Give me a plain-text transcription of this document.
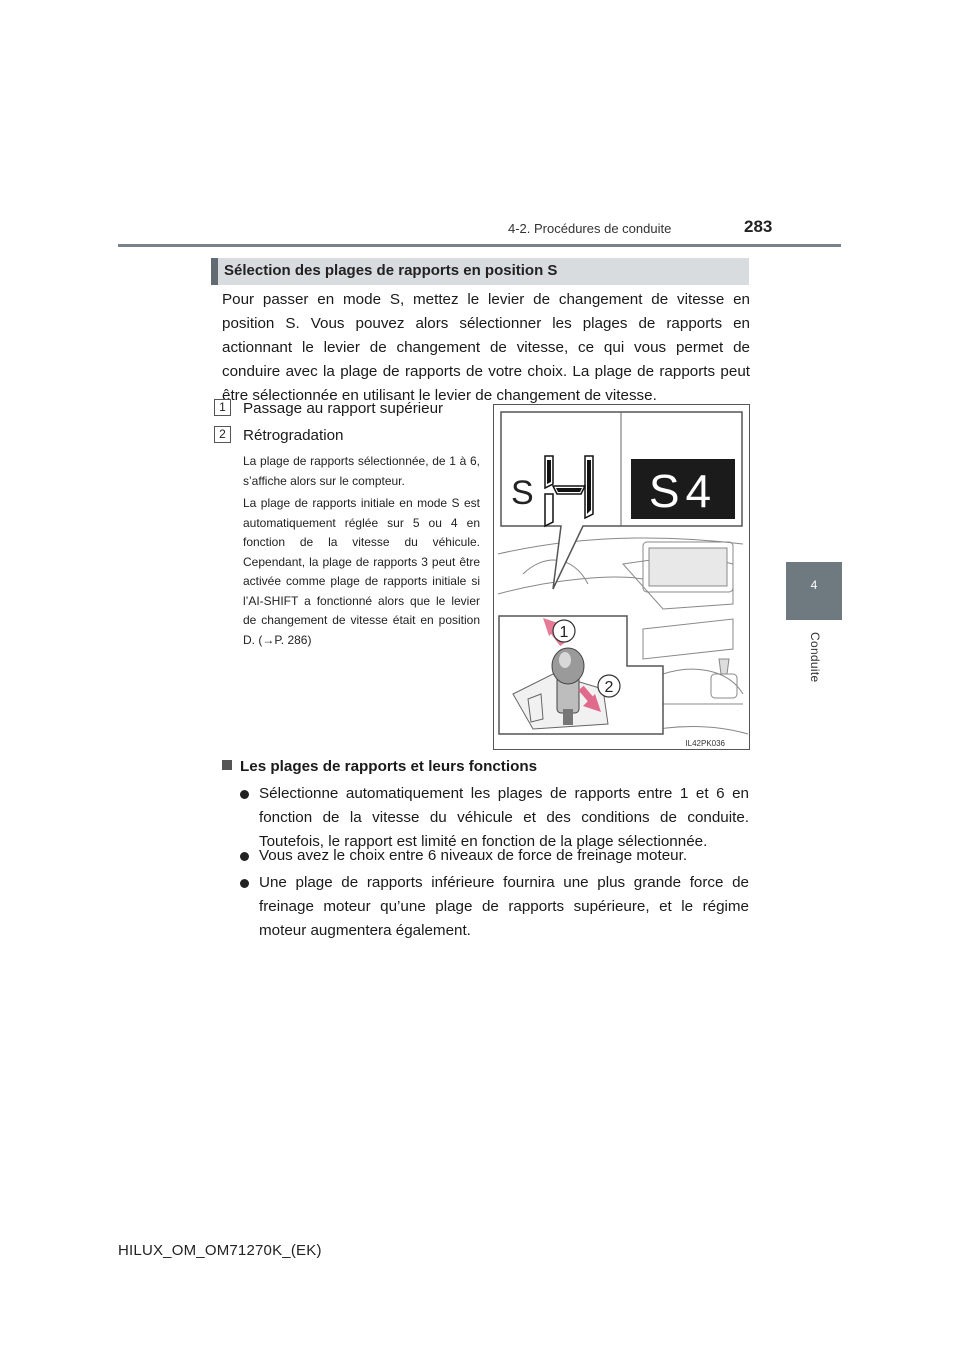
4-2. Procédures de conduite	283
4
Conduite
Sélection des plages de rapports en position S
Pour passer en mode S, mettez le levier de changement de vitesse en position S. Vous pouvez alors sélectionner les plages de rapports en actionnant le levier de changement de vitesse, ce qui vous permet de conduire avec la plage de rapports de votre choix. La plage de rapports peut être sélectionnée en utilisant le levier de changement de vitesse.
1	Passage au rapport supérieur
2	Rétrogradation
La plage de rapports sélectionnée, de 1 à 6, s’affiche alors sur le compteur.
La plage de rapports initiale en mode S est automatiquement réglée sur 5 ou 4 en fonction de la vitesse du véhicule. Cependant, la plage de rapports 3 peut être activée comme plage de rapports initiale si l’AI-SHIFT a fonctionné alors que le levier de changement de vitesse était en position D. (→P. 286)
S	S4
1
2
IL42PK036
Les plages de rapports et leurs fonctions
Sélectionne automatiquement les plages de rapports entre 1 et 6 en fonction de la vitesse du véhicule et des conditions de conduite. Toutefois, le rapport est limité en fonction de la plage sélectionnée.
Vous avez le choix entre 6 niveaux de force de freinage moteur.
Une plage de rapports inférieure fournira une plus grande force de freinage moteur qu’une plage de rapports supérieure, et le régime moteur augmentera également.
HILUX_OM_OM71270K_(EK)
